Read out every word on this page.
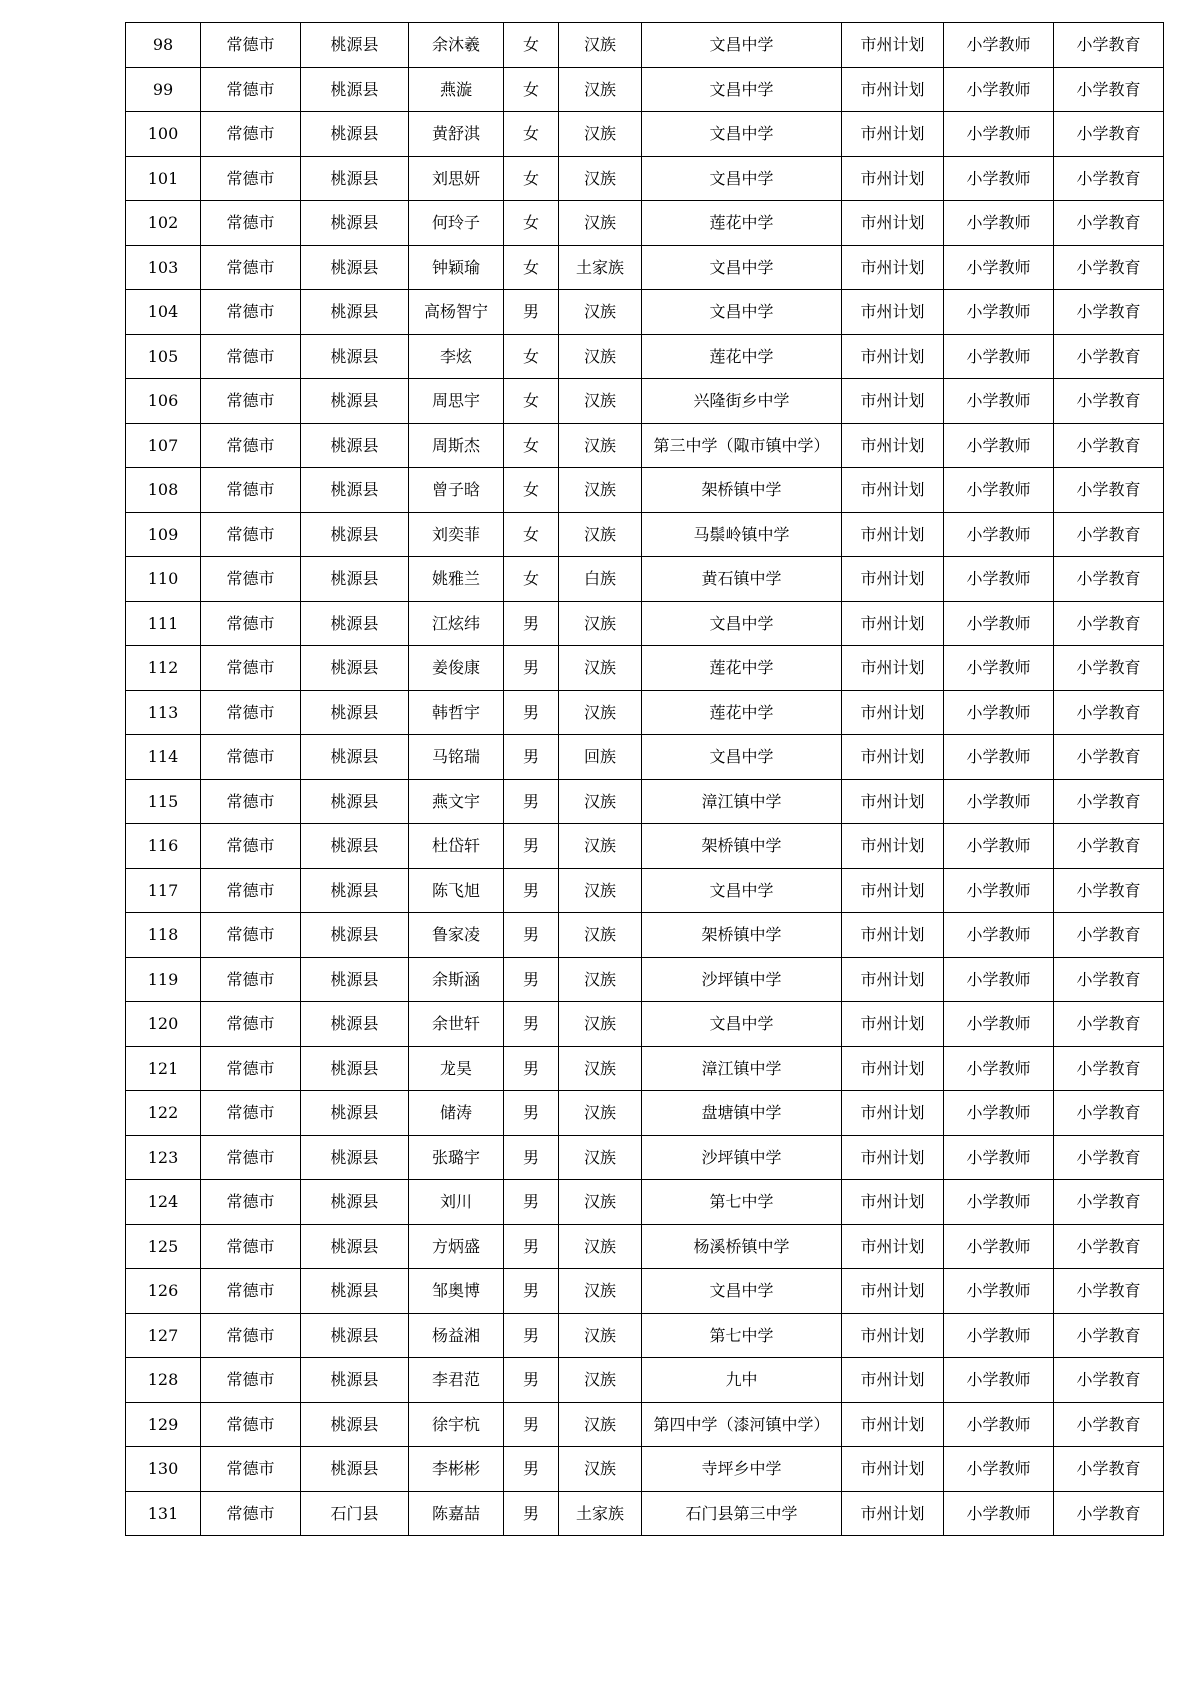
98	常德市	桃源县	余沐羲	女	汉族	文昌中学	市州计划	小学教师	小学教育
99	常德市	桃源县	燕漩	女	汉族	文昌中学	市州计划	小学教师	小学教育
100	常德市	桃源县	黄舒淇	女	汉族	文昌中学	市州计划	小学教师	小学教育
101	常德市	桃源县	刘思妍	女	汉族	文昌中学	市州计划	小学教师	小学教育
102	常德市	桃源县	何玲子	女	汉族	莲花中学	市州计划	小学教师	小学教育
103	常德市	桃源县	钟颖瑜	女	土家族	文昌中学	市州计划	小学教师	小学教育
104	常德市	桃源县	高杨智宁	男	汉族	文昌中学	市州计划	小学教师	小学教育
105	常德市	桃源县	李炫	女	汉族	莲花中学	市州计划	小学教师	小学教育
106	常德市	桃源县	周思宇	女	汉族	兴隆街乡中学	市州计划	小学教师	小学教育
107	常德市	桃源县	周斯杰	女	汉族	第三中学（陬市镇中学）	市州计划	小学教师	小学教育
108	常德市	桃源县	曾子晗	女	汉族	架桥镇中学	市州计划	小学教师	小学教育
109	常德市	桃源县	刘奕菲	女	汉族	马鬃岭镇中学	市州计划	小学教师	小学教育
110	常德市	桃源县	姚雅兰	女	白族	黄石镇中学	市州计划	小学教师	小学教育
111	常德市	桃源县	江炫纬	男	汉族	文昌中学	市州计划	小学教师	小学教育
112	常德市	桃源县	姜俊康	男	汉族	莲花中学	市州计划	小学教师	小学教育
113	常德市	桃源县	韩哲宇	男	汉族	莲花中学	市州计划	小学教师	小学教育
114	常德市	桃源县	马铭瑞	男	回族	文昌中学	市州计划	小学教师	小学教育
115	常德市	桃源县	燕文宇	男	汉族	漳江镇中学	市州计划	小学教师	小学教育
116	常德市	桃源县	杜岱轩	男	汉族	架桥镇中学	市州计划	小学教师	小学教育
117	常德市	桃源县	陈飞旭	男	汉族	文昌中学	市州计划	小学教师	小学教育
118	常德市	桃源县	鲁家凌	男	汉族	架桥镇中学	市州计划	小学教师	小学教育
119	常德市	桃源县	余斯涵	男	汉族	沙坪镇中学	市州计划	小学教师	小学教育
120	常德市	桃源县	余世轩	男	汉族	文昌中学	市州计划	小学教师	小学教育
121	常德市	桃源县	龙昊	男	汉族	漳江镇中学	市州计划	小学教师	小学教育
122	常德市	桃源县	储涛	男	汉族	盘塘镇中学	市州计划	小学教师	小学教育
123	常德市	桃源县	张璐宇	男	汉族	沙坪镇中学	市州计划	小学教师	小学教育
124	常德市	桃源县	刘川	男	汉族	第七中学	市州计划	小学教师	小学教育
125	常德市	桃源县	方炳盛	男	汉族	杨溪桥镇中学	市州计划	小学教师	小学教育
126	常德市	桃源县	邹奥博	男	汉族	文昌中学	市州计划	小学教师	小学教育
127	常德市	桃源县	杨益湘	男	汉族	第七中学	市州计划	小学教师	小学教育
128	常德市	桃源县	李君范	男	汉族	九中	市州计划	小学教师	小学教育
129	常德市	桃源县	徐宇杭	男	汉族	第四中学（漆河镇中学）	市州计划	小学教师	小学教育
130	常德市	桃源县	李彬彬	男	汉族	寺坪乡中学	市州计划	小学教师	小学教育
131	常德市	石门县	陈嘉喆	男	土家族	石门县第三中学	市州计划	小学教师	小学教育
